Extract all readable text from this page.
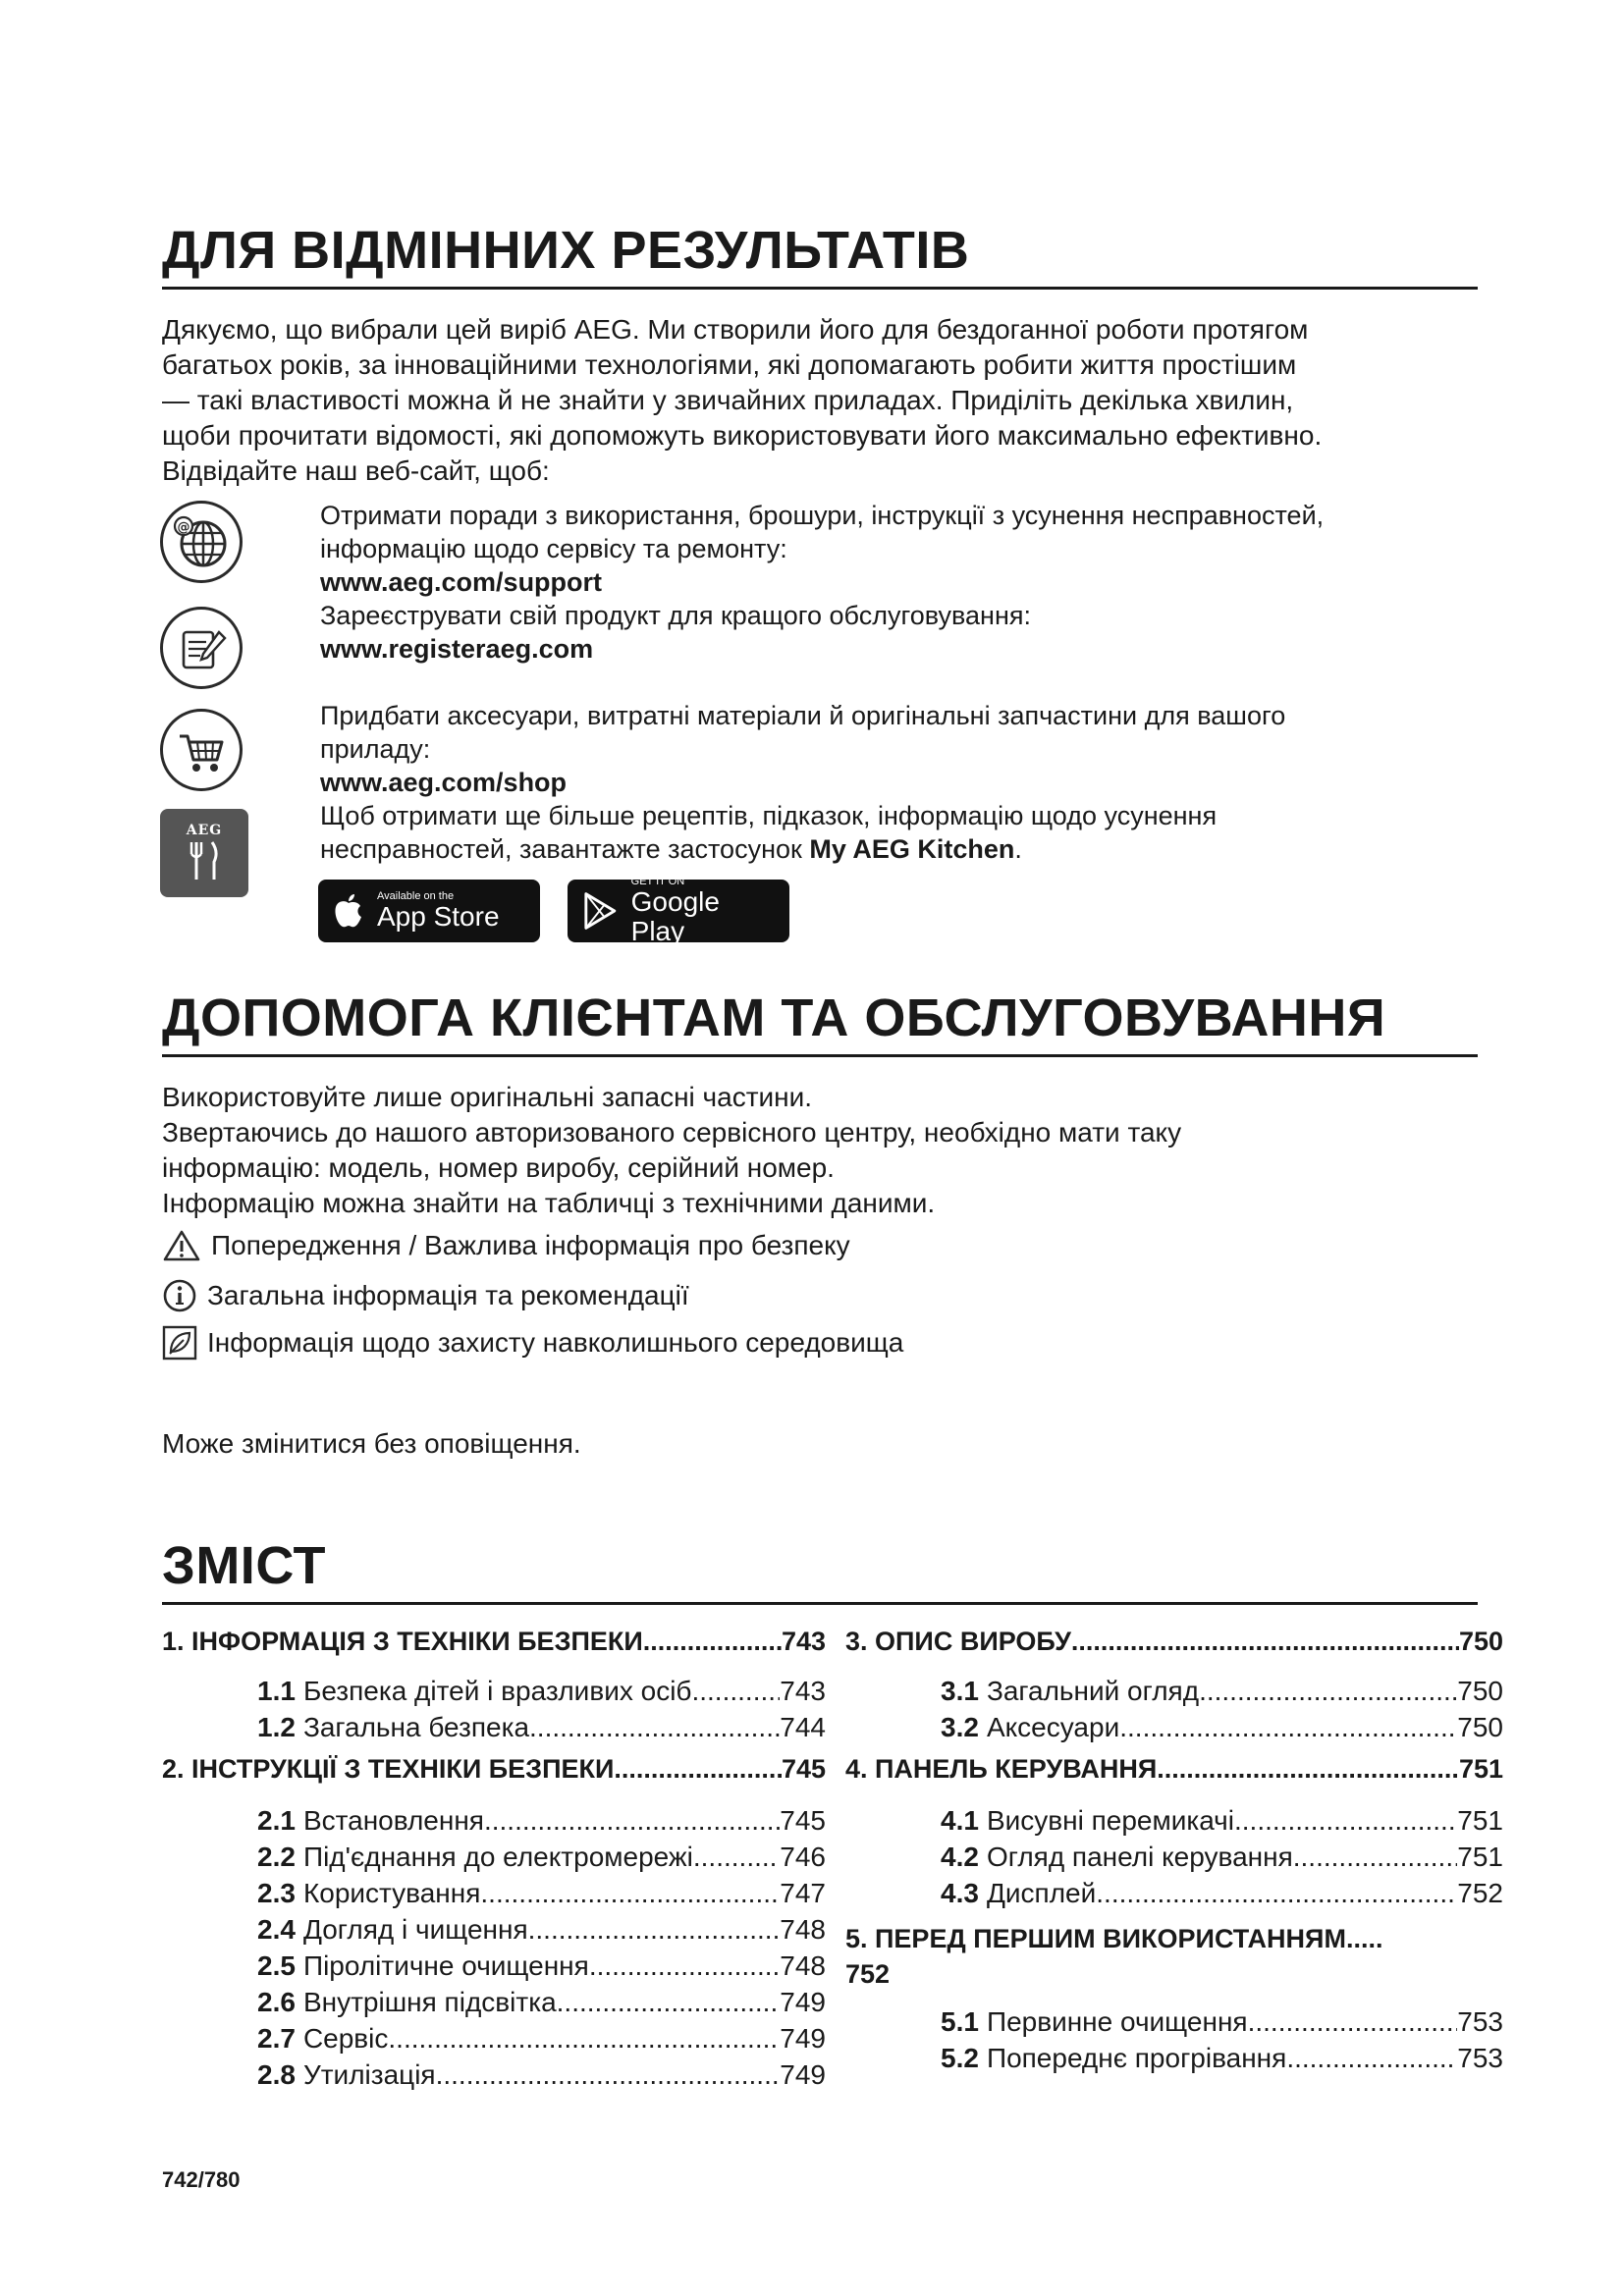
ДЛЯ ВІДМІННИХ РЕЗУЛЬТАТІВ

Дякуємо, що вибрали цей виріб AEG. Ми створили його для бездоганної роботи протягом

багатьох років, за інноваційними технологіями, які допомагають робити життя простішим

— такі властивості можна й не знайти у звичайних приладах. Приділіть декілька хвилин,

щоби прочитати відомості, які допоможуть використовувати його максимально ефективно.

Відвідайте наш веб-сайт, щоб:

@
AEG
Отримати поради з використання, брошури, інструкції з усунення несправностей,
інформацію щодо сервісу та ремонту:
www.aeg.com/support
Зареєструвати свій продукт для кращого обслуговування:
www.registeraeg.com
Придбати аксесуари, витратні матеріали й оригінальні запчастини для вашого
приладу:
www.aeg.com/shop
Щоб отримати ще більше рецептів, підказок, інформацію щодо усунення
несправностей, завантажте застосунок My AEG Kitchen.
Available on the
App Store
GET IT ON
Google Play
ДОПОМОГА КЛІЄНТАМ ТА ОБСЛУГОВУВАННЯ

Використовуйте лише оригінальні запасні частини.

Звертаючись до нашого авторизованого сервісного центру, необхідно мати таку

інформацію: модель, номер виробу, серійний номер.

Інформацію можна знайти на табличці з технічними даними.

Попередження / Важлива інформація про безпеку
Загальна інформація та рекомендації
Інформація щодо захисту навколишнього середовища

Може змінитися без оповіщення.

ЗМІСТ
1. ІНФОРМАЦІЯ З ТЕХНІКИ БЕЗПЕКИ .....	743
1.1 Безпека дітей і вразливих осіб .....	743
1.2 Загальна безпека .....	744
2. ІНСТРУКЦІЇ З ТЕХНІКИ БЕЗПЕКИ .....	745
2.1 Встановлення .....	745
2.2 Під'єднання до електромережі .....	746
2.3 Користування .....	747
2.4 Догляд і чищення .....	748
2.5 Піролітичне очищення .....	748
2.6 Внутрішня підсвітка .....	749
2.7 Сервіс .....	749
2.8 Утилізація .....	749
3. ОПИС ВИРОБУ .....	750
3.1 Загальний огляд .....	750
3.2 Аксесуари .....	750
4. ПАНЕЛЬ КЕРУВАННЯ .....	751
4.1 Висувні перемикачі .....	751
4.2 Огляд панелі керування .....	751
4.3 Дисплей .....	752
5. ПЕРЕД ПЕРШИМ ВИКОРИСТАННЯМ.....
752
5.1 Первинне очищення .....	753
5.2 Попереднє прогрівання .....	753
742/780
